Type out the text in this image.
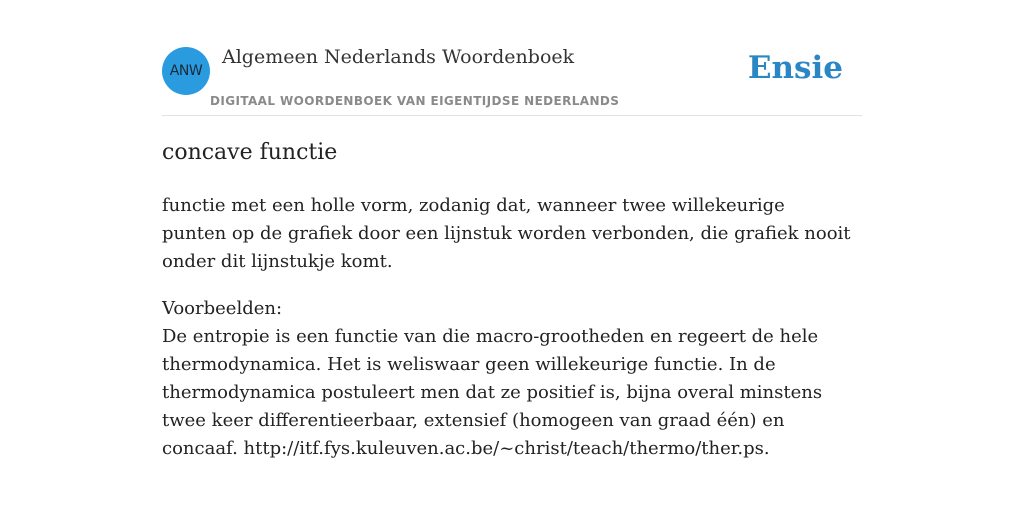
ANW
Algemeen Nederlands Woordenboek
DIGITAAL WOORDENBOEK VAN EIGENTIJDSE NEDERLANDS
Ensie
concave functie

functie met een holle vorm, zodanig dat, wanneer twee willekeurige punten op de grafiek door een lijnstuk worden verbonden, die grafiek nooit onder dit lijnstukje komt.

Voorbeelden:
De entropie is een functie van die macro-grootheden en regeert de hele thermodynamica. Het is weliswaar geen willekeurige functie. In de thermodynamica postuleert men dat ze positief is, bijna overal minstens twee keer differentieerbaar, extensief (homogeen van graad één) en concaaf. http://itf.fys.kuleuven.ac.be/~christ/teach/thermo/ther.ps.
